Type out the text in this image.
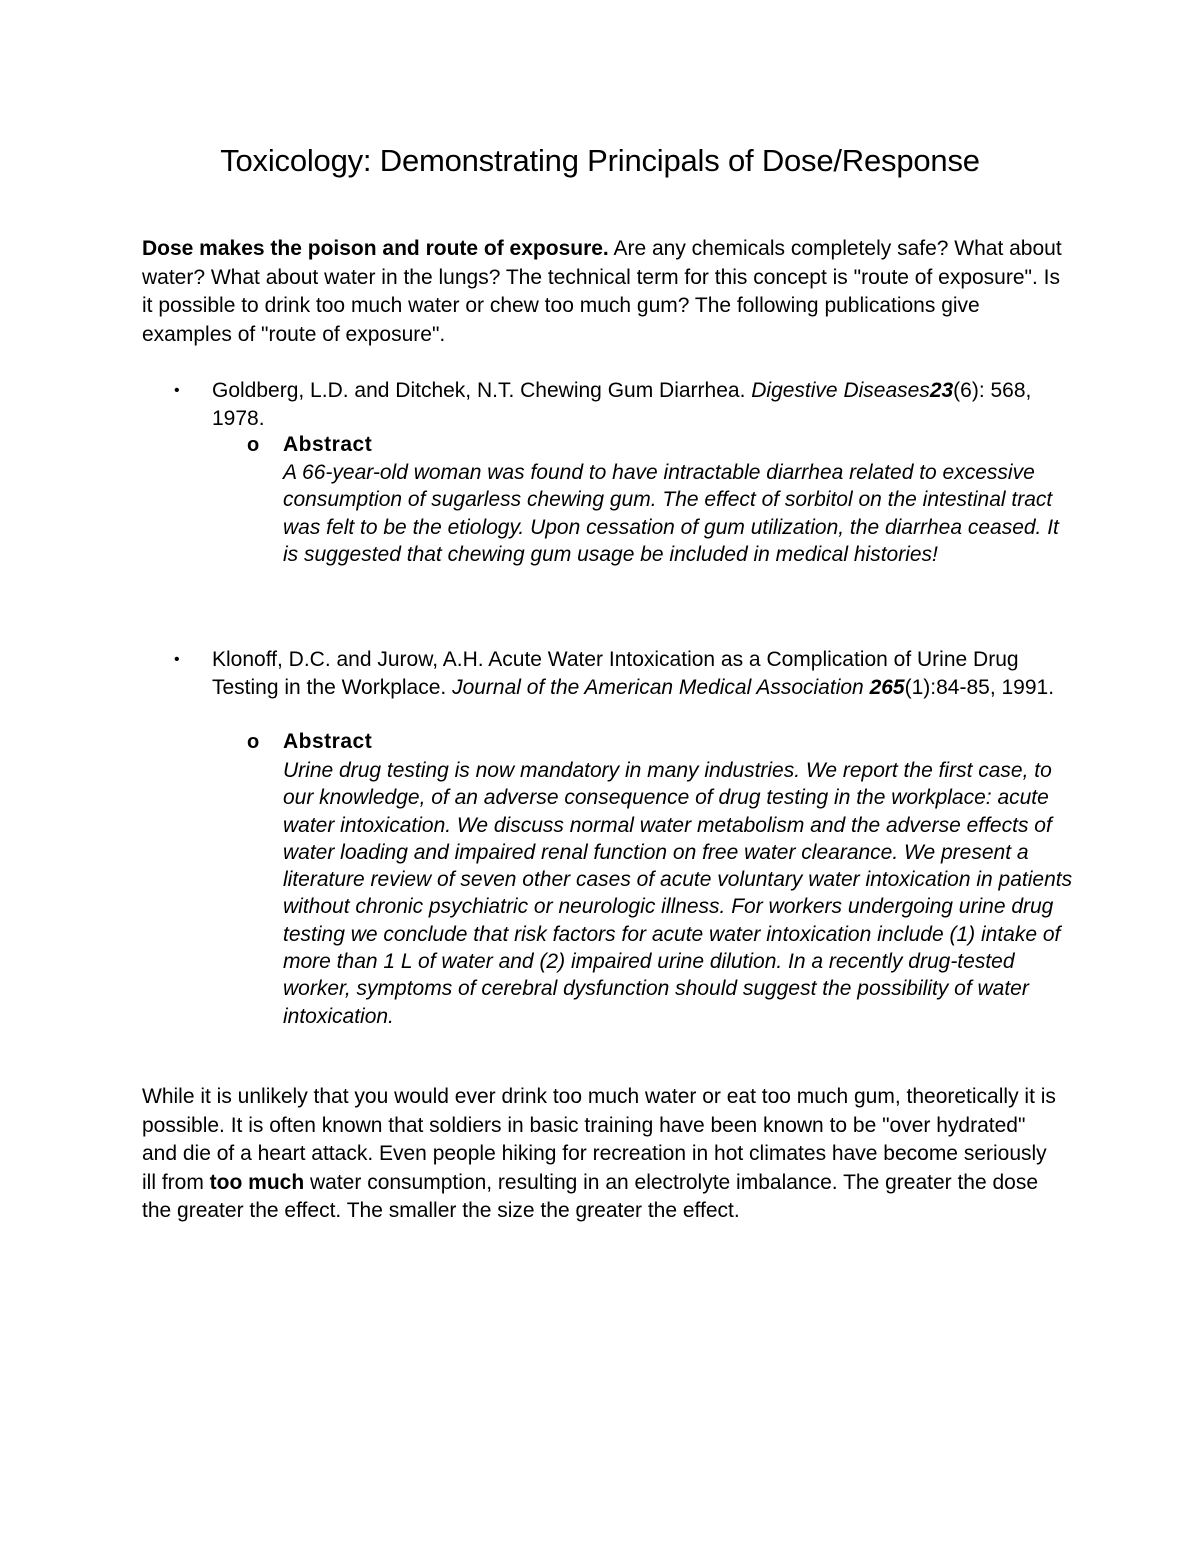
Toxicology: Demonstrating Principals of Dose/Response

Dose makes the poison and route of exposure. Are any chemicals completely safe? What about water? What about water in the lungs? The technical term for this concept is "route of exposure". Is it possible to drink too much water or chew too much gum? The following publications give examples of "route of exposure".

• Goldberg, L.D. and Ditchek, N.T. Chewing Gum Diarrhea. Digestive Diseases23(6): 568, 1978.

o Abstract

A 66-year-old woman was found to have intractable diarrhea related to excessive consumption of sugarless chewing gum. The effect of sorbitol on the intestinal tract was felt to be the etiology. Upon cessation of gum utilization, the diarrhea ceased. It is suggested that chewing gum usage be included in medical histories!

• Klonoff, D.C. and Jurow, A.H. Acute Water Intoxication as a Complication of Urine Drug Testing in the Workplace. Journal of the American Medical Association 265(1):84-85, 1991.

o Abstract

Urine drug testing is now mandatory in many industries. We report the first case, to our knowledge, of an adverse consequence of drug testing in the workplace: acute water intoxication. We discuss normal water metabolism and the adverse effects of water loading and impaired renal function on free water clearance. We present a literature review of seven other cases of acute voluntary water intoxication in patients without chronic psychiatric or neurologic illness. For workers undergoing urine drug testing we conclude that risk factors for acute water intoxication include (1) intake of more than 1 L of water and (2) impaired urine dilution. In a recently drug-tested worker, symptoms of cerebral dysfunction should suggest the possibility of water intoxication.

While it is unlikely that you would ever drink too much water or eat too much gum, theoretically it is possible. It is often known that soldiers in basic training have been known to be "over hydrated" and die of a heart attack. Even people hiking for recreation in hot climates have become seriously ill from too much water consumption, resulting in an electrolyte imbalance. The greater the dose the greater the effect. The smaller the size the greater the effect.
